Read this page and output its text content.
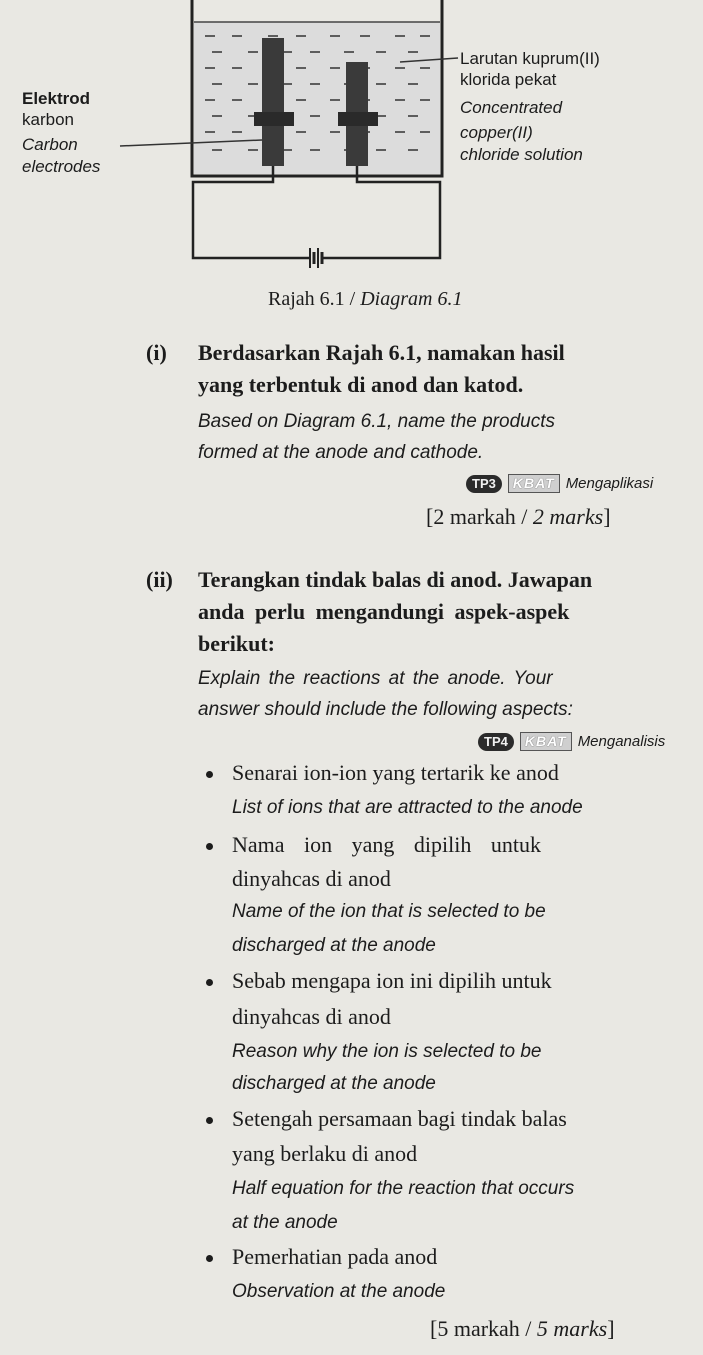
Elektrod
karbon
Carbon
electrodes
Larutan kuprum(II)
klorida pekat
Concentrated
copper(II)
chloride solution
Rajah 6.1 / Diagram 6.1
(i) Berdasarkan Rajah 6.1, namakan hasil
yang terbentuk di anod dan katod.
Based on Diagram 6.1, name the products
formed at the anode and cathode.
TP3	KBAT Mengaplikasi
[2 markah / 2 marks]
(ii) Terangkan tindak balas di anod. Jawapan
anda perlu mengandungi aspek-aspek
berikut:
Explain the reactions at the anode. Your
answer should include the following aspects:
TP4	KBAT Menganalisis
Senarai ion-ion yang tertarik ke anod
List of ions that are attracted to the anode
Nama ion yang dipilih untuk
dinyahcas di anod
Name of the ion that is selected to be
discharged at the anode
Sebab mengapa ion ini dipilih untuk
dinyahcas di anod
Reason why the ion is selected to be
discharged at the anode
Setengah persamaan bagi tindak balas
yang berlaku di anod
Half equation for the reaction that occurs
at the anode
Pemerhatian pada anod
Observation at the anode
[5 markah / 5 marks]
